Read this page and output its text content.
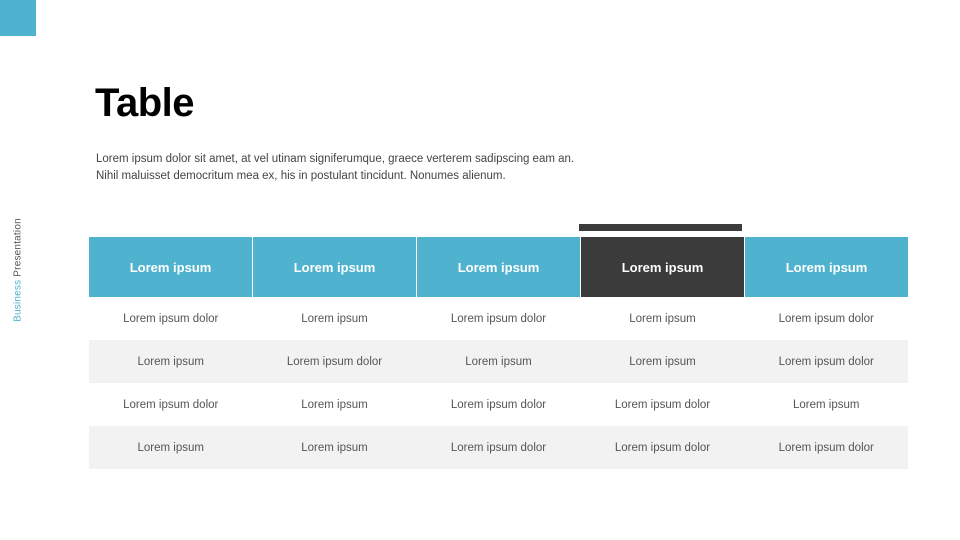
Business Presentation
Table

Lorem ipsum dolor sit amet, at vel utinam signiferumque, graece verterem sadipscing eam an. Nihil maluisset democritum mea ex, his in postulant tincidunt. Nonumes alienum.

Lorem ipsum	Lorem ipsum	Lorem ipsum	Lorem ipsum	Lorem ipsum
Lorem ipsum dolor	Lorem ipsum	Lorem ipsum dolor	Lorem ipsum	Lorem ipsum dolor
Lorem ipsum	Lorem ipsum dolor	Lorem ipsum	Lorem ipsum	Lorem ipsum dolor
Lorem ipsum dolor	Lorem ipsum	Lorem ipsum dolor	Lorem ipsum dolor	Lorem ipsum
Lorem ipsum	Lorem ipsum	Lorem ipsum dolor	Lorem ipsum dolor	Lorem ipsum dolor
